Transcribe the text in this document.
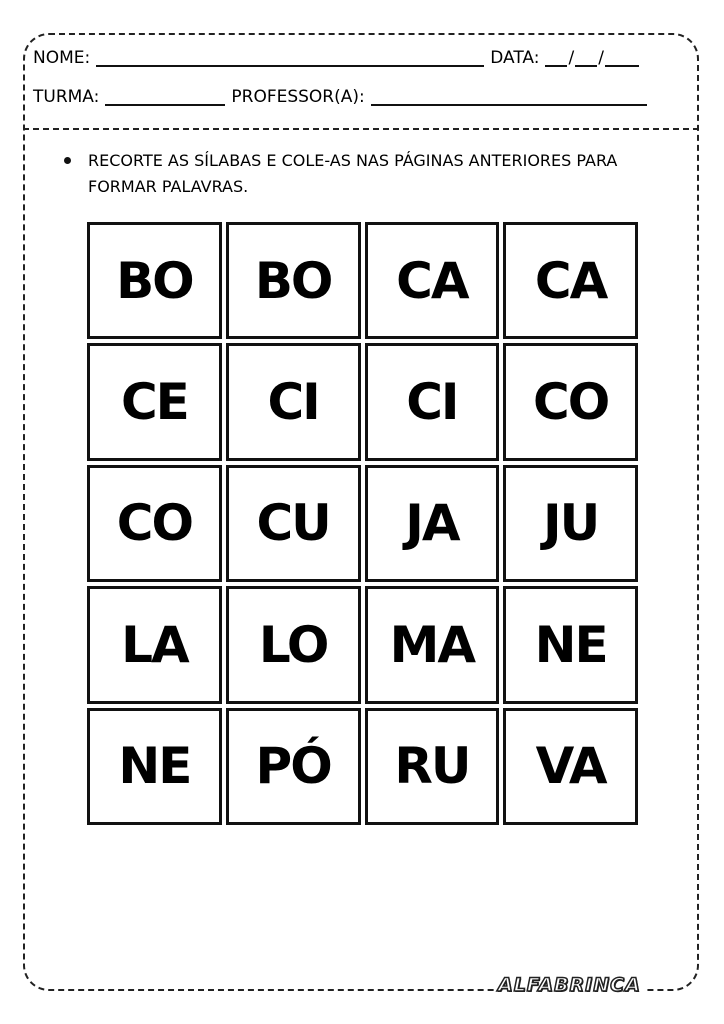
NOME:	DATA: / /
TURMA:	PROFESSOR(A):
RECORTE AS SÍLABAS E COLE-AS NAS PÁGINAS ANTERIORES PARA FORMAR PALAVRAS.
BO BO CA CA
CE CI CI CO
CO CU JA JU
LA LO MA NE
NE PÓ RU VA
ALFABRINCA
